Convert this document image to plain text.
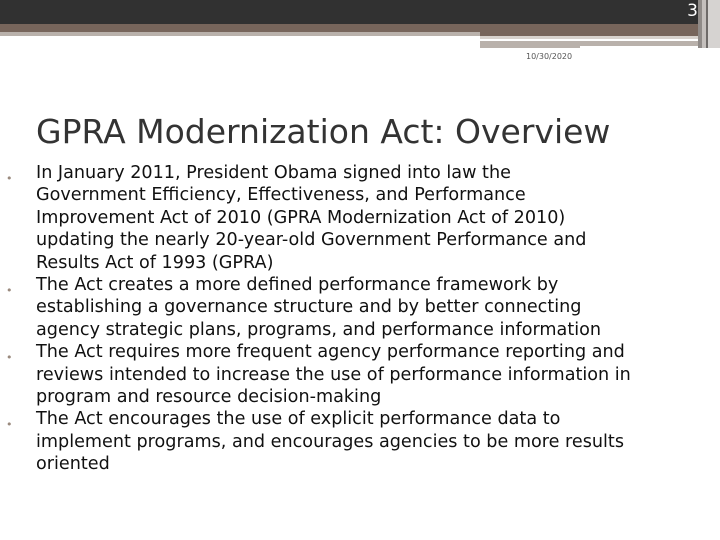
3
10/30/2020
GPRA Modernization Act: Overview
• In January 2011, President Obama signed into law the
Government Efficiency, Effectiveness, and Performance
Improvement Act of 2010 (GPRA Modernization Act of 2010)
updating the nearly 20-year-old Government Performance and
Results Act of 1993 (GPRA)
• The Act creates a more defined performance framework by
establishing a governance structure and by better connecting
agency strategic plans, programs, and performance information
• The Act requires more frequent agency performance reporting and
reviews intended to increase the use of performance information in
program and resource decision-making
• The Act encourages the use of explicit performance data to
implement programs, and encourages agencies to be more results
oriented
